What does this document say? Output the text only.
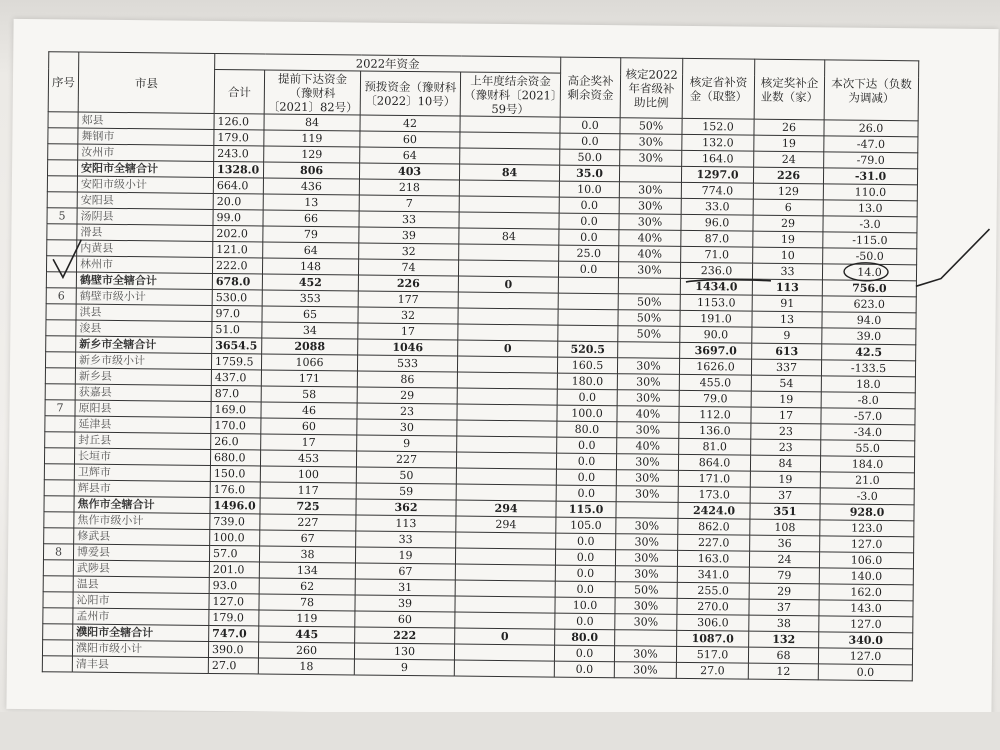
序号	市县	2022年资金				高企奖补剩余资金	核定2022年省级补助比例	核定省补资金（取整）	核定奖补企业数（家）	本次下达（负数为调减）
		合计	提前下达资金（豫财科〔2021〕82号）	预拨资金（豫财科〔2022〕10号）	上年度结余资金（豫财科〔2021〕59号）					
	郏县	126.0	84	42		0.0	50%	152.0	26	26.0
	舞钢市	179.0	119	60		0.0	30%	132.0	19	-47.0
	汝州市	243.0	129	64		50.0	30%	164.0	24	-79.0
	安阳市全辖合计	1328.0	806	403	84	35.0		1297.0	226	-31.0
	安阳市级小计	664.0	436	218		10.0	30%	774.0	129	110.0
	安阳县	20.0	13	7		0.0	30%	33.0	6	13.0
5	汤阴县	99.0	66	33		0.0	30%	96.0	29	-3.0
	滑县	202.0	79	39	84	0.0	40%	87.0	19	-115.0
	内黄县	121.0	64	32		25.0	40%	71.0	10	-50.0
	林州市	222.0	148	74		0.0	30%	236.0	33	14.0
	鹤壁市全辖合计	678.0	452	226	0			1434.0	113	756.0
6	鹤壁市级小计	530.0	353	177			50%	1153.0	91	623.0
	淇县	97.0	65	32			50%	191.0	13	94.0
	浚县	51.0	34	17			50%	90.0	9	39.0
	新乡市全辖合计	3654.5	2088	1046	0	520.5		3697.0	613	42.5
	新乡市级小计	1759.5	1066	533		160.5	30%	1626.0	337	-133.5
	新乡县	437.0	171	86		180.0	30%	455.0	54	18.0
	获嘉县	87.0	58	29		0.0	30%	79.0	19	-8.0
7	原阳县	169.0	46	23		100.0	40%	112.0	17	-57.0
	延津县	170.0	60	30		80.0	30%	136.0	23	-34.0
	封丘县	26.0	17	9		0.0	40%	81.0	23	55.0
	长垣市	680.0	453	227		0.0	30%	864.0	84	184.0
	卫辉市	150.0	100	50		0.0	30%	171.0	19	21.0
	辉县市	176.0	117	59		0.0	30%	173.0	37	-3.0
	焦作市全辖合计	1496.0	725	362	294	115.0		2424.0	351	928.0
	焦作市级小计	739.0	227	113	294	105.0	30%	862.0	108	123.0
	修武县	100.0	67	33		0.0	30%	227.0	36	127.0
8	博爱县	57.0	38	19		0.0	30%	163.0	24	106.0
	武陟县	201.0	134	67		0.0	30%	341.0	79	140.0
	温县	93.0	62	31		0.0	50%	255.0	29	162.0
	沁阳市	127.0	78	39		10.0	30%	270.0	37	143.0
	孟州市	179.0	119	60		0.0	30%	306.0	38	127.0
	濮阳市全辖合计	747.0	445	222	0	80.0		1087.0	132	340.0
	濮阳市级小计	390.0	260	130		0.0	30%	517.0	68	127.0
	清丰县	27.0	18	9		0.0	30%	27.0	12	0.0
